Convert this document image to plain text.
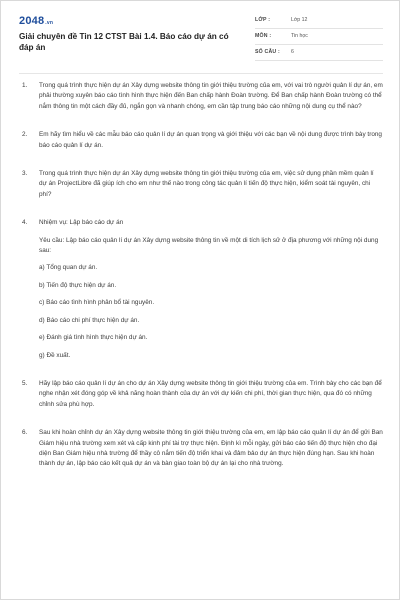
2048.vn
Giải chuyên đề Tin 12 CTST Bài 1.4. Báo cáo dự án có đáp án
LỚP :	Lớp 12
MÔN :	Tin học
SỐ CÂU : 6
1. Trong quá trình thực hiện dự án Xây dựng website thông tin giới thiệu trường của em, với vai trò người quản lí dự án, em phải thường xuyên báo cáo tình hình thực hiện đến Ban chấp hành Đoàn trường. Để Ban chấp hành Đoàn trường có thể nắm thông tin một cách đầy đủ, ngắn gọn và nhanh chóng, em cần tập trung báo cáo những nội dung cụ thể nào?
2. Em hãy tìm hiểu về các mẫu báo cáo quản lí dự án quan trọng và giới thiệu với các bạn về nội dung được trình bày trong báo cáo quản lí dự án.
3. Trong quá trình thực hiện dự án Xây dựng website thông tin giới thiệu trường của em, việc sử dụng phần mềm quản lí dự án ProjectLibre đã giúp ích cho em như thế nào trong công tác quản lí tiến độ thực hiện, kiểm soát tài nguyên, chi phí?
4. Nhiệm vụ: Lập báo cáo dự án
Yêu cầu: Lập báo cáo quản lí dự án Xây dựng website thông tin về một di tích lịch sử ở địa phương với những nội dung sau:
a) Tổng quan dự án.
b) Tiến độ thực hiện dự án.
c) Báo cáo tình hình phân bổ tài nguyên.
d) Báo cáo chi phí thực hiện dự án.
e) Đánh giá tình hình thực hiện dự án.
g) Đề xuất.
5. Hãy lập báo cáo quản lí dự án cho dự án Xây dựng website thông tin giới thiệu trường của em. Trình bày cho các bạn để nghe nhận xét đóng góp về khả năng hoàn thành của dự án với dự kiến chi phí, thời gian thực hiện, qua đó có những chỉnh sửa phù hợp.
6. Sau khi hoàn chỉnh dự án Xây dựng website thông tin giới thiệu trường của em, em lập báo cáo quản lí dự án để gửi Ban Giám hiệu nhà trường xem xét và cấp kinh phí tài trợ thực hiện. Định kì mỗi ngày, gửi báo cáo tiến độ thực hiện cho đại diện Ban Giám hiệu nhà trường để thầy cô nắm tiến độ triển khai và đảm bảo dự án thực hiện đúng hạn. Sau khi hoàn thành dự án, lập báo cáo kết quả dự án và bàn giao toàn bộ dự án lại cho nhà trường.
